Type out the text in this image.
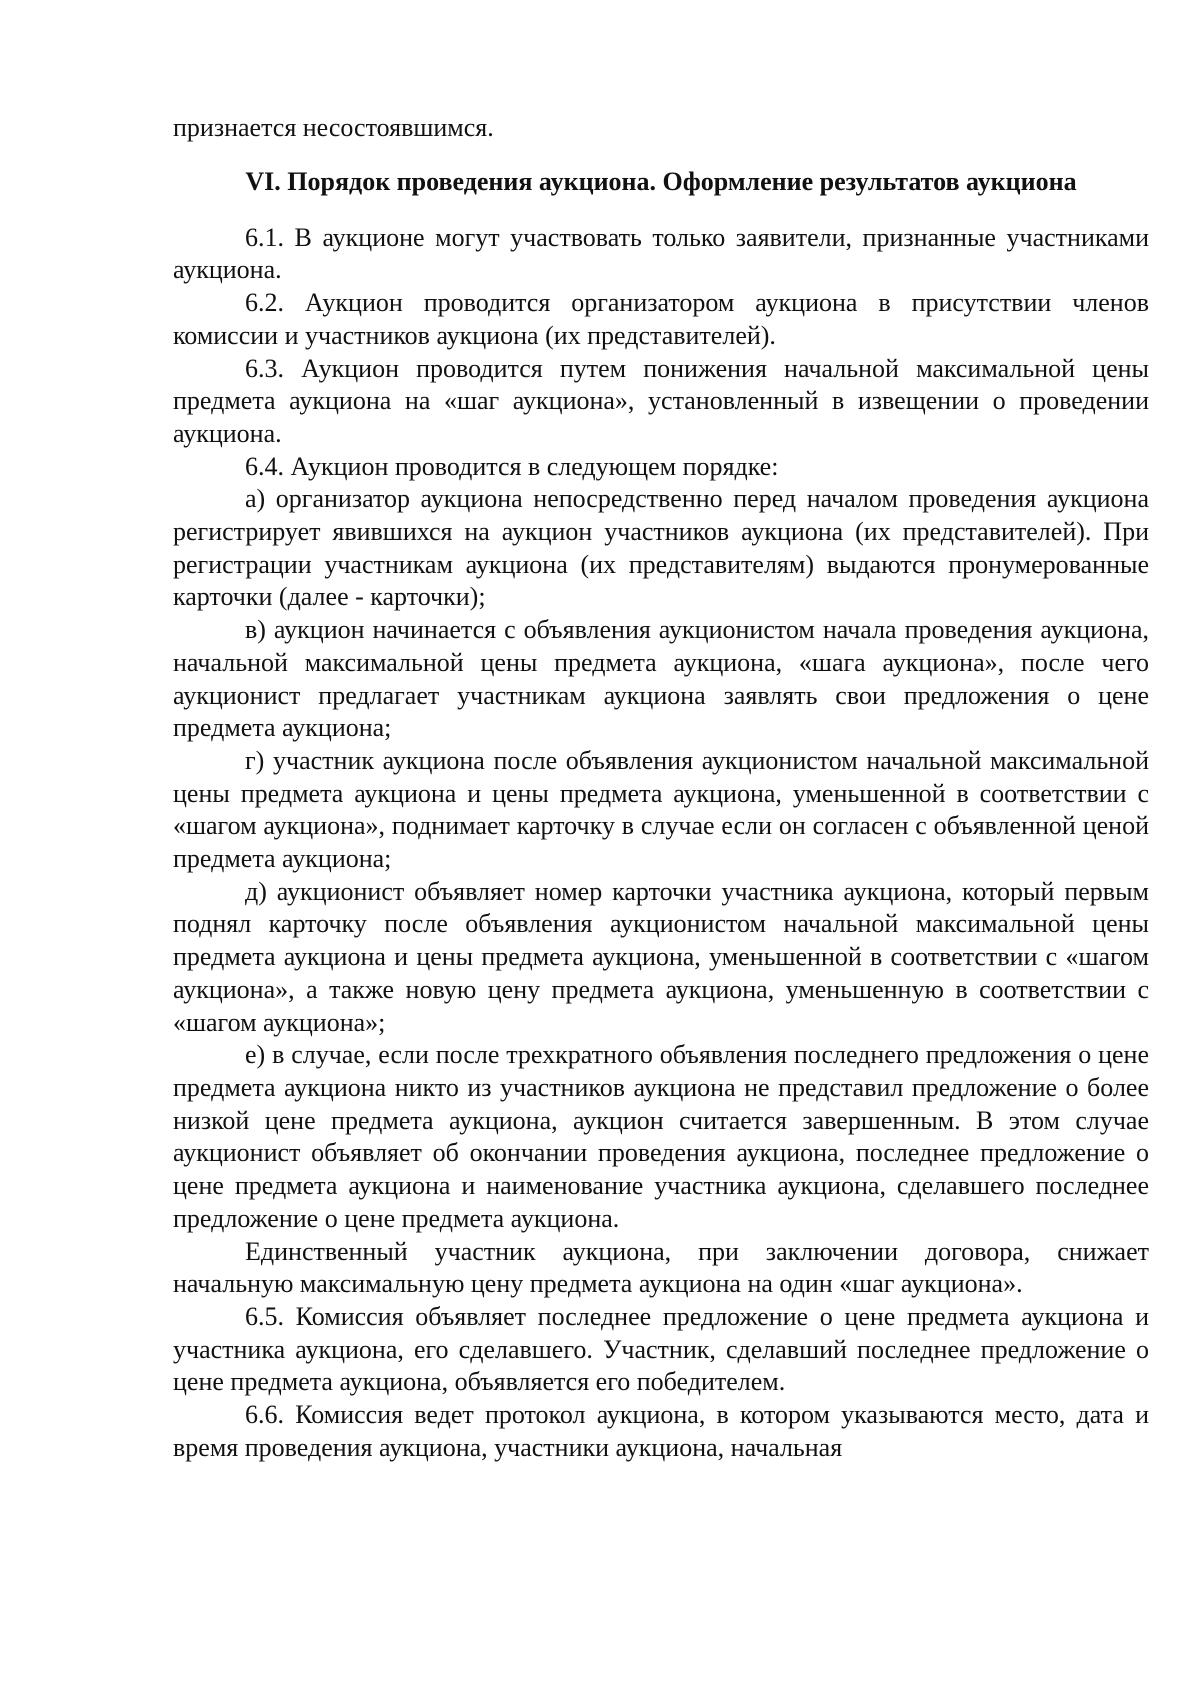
признается несостоявшимся.

VI. Порядок проведения аукциона. Оформление результатов аукциона

6.1. В аукционе могут участвовать только заявители, признанные участниками аукциона.

6.2. Аукцион проводится организатором аукциона в присутствии членов комиссии и участников аукциона (их представителей).

6.3. Аукцион проводится путем понижения начальной максимальной цены предмета аукциона на «шаг аукциона», установленный в извещении о проведении аукциона.

6.4. Аукцион проводится в следующем порядке:

а) организатор аукциона непосредственно перед началом проведения аукциона регистрирует явившихся на аукцион участников аукциона (их представителей). При регистрации участникам аукциона (их представителям) выдаются пронумерованные карточки (далее - карточки);

в) аукцион начинается с объявления аукционистом начала проведения аукциона, начальной максимальной цены предмета аукциона, «шага аукциона», после чего аукционист предлагает участникам аукциона заявлять свои предложения о цене предмета аукциона;

г) участник аукциона после объявления аукционистом начальной максимальной цены предмета аукциона и цены предмета аукциона, уменьшенной в соответствии с «шагом аукциона», поднимает карточку в случае если он согласен с объявленной ценой предмета аукциона;

д) аукционист объявляет номер карточки участника аукциона, который первым поднял карточку после объявления аукционистом начальной максимальной цены предмета аукциона и цены предмета аукциона, уменьшенной в соответствии с «шагом аукциона», а также новую цену предмета аукциона, уменьшенную в соответствии с «шагом аукциона»;

е) в случае, если после трехкратного объявления последнего предложения о цене предмета аукциона никто из участников аукциона не представил предложение о более низкой цене предмета аукциона, аукцион считается завершенным. В этом случае аукционист объявляет об окончании проведения аукциона, последнее предложение о цене предмета аукциона и наименование участника аукциона, сделавшего последнее предложение о цене предмета аукциона.

Единственный участник аукциона, при заключении договора, снижает начальную максимальную цену предмета аукциона на один «шаг аукциона».

6.5. Комиссия объявляет последнее предложение о цене предмета аукциона и участника аукциона, его сделавшего. Участник, сделавший последнее предложение о цене предмета аукциона, объявляется его победителем.

6.6. Комиссия ведет протокол аукциона, в котором указываются место, дата и время проведения аукциона, участники аукциона, начальная
